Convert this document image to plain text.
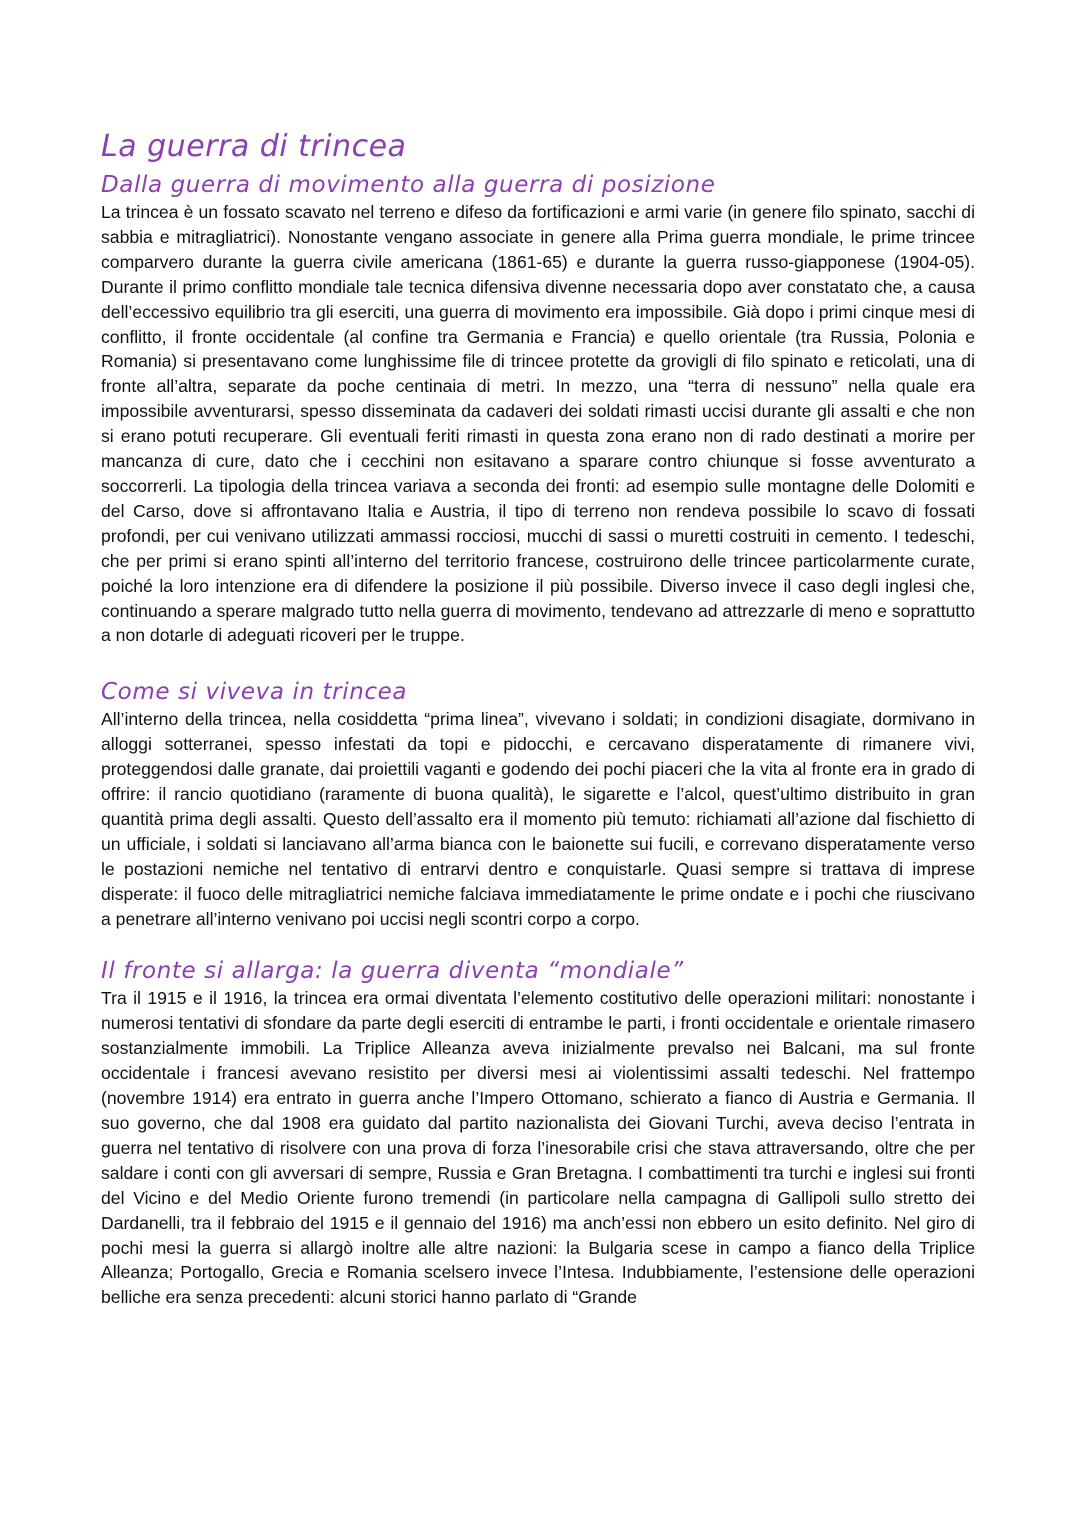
La guerra di trincea
Dalla guerra di movimento alla guerra di posizione

La trincea è un fossato scavato nel terreno e difeso da fortificazioni e armi varie (in genere filo spinato, sacchi di sabbia e mitragliatrici). Nonostante vengano associate in genere alla Prima guerra mondiale, le prime trincee comparvero durante la guerra civile americana (1861-65) e durante la guerra russo-giapponese (1904-05). Durante il primo conflitto mondiale tale tecnica difensiva divenne necessaria dopo aver constatato che, a causa dell’eccessivo equilibrio tra gli eserciti, una guerra di movimento era impossibile. Già dopo i primi cinque mesi di conflitto, il fronte occidentale (al confine tra Germania e Francia) e quello orientale (tra Russia, Polonia e Romania) si presentavano come lunghissime file di trincee protette da grovigli di filo spinato e reticolati, una di fronte all’altra, separate da poche centinaia di metri. In mezzo, una “terra di nessuno” nella quale era impossibile avventurarsi, spesso disseminata da cadaveri dei soldati rimasti uccisi durante gli assalti e che non si erano potuti recuperare. Gli eventuali feriti rimasti in questa zona erano non di rado destinati a morire per mancanza di cure, dato che i cecchini non esitavano a sparare contro chiunque si fosse avventurato a soccorrerli. La tipologia della trincea variava a seconda dei fronti: ad esempio sulle montagne delle Dolomiti e del Carso, dove si affrontavano Italia e Austria, il tipo di terreno non rendeva possibile lo scavo di fossati profondi, per cui venivano utilizzati ammassi rocciosi, mucchi di sassi o muretti costruiti in cemento. I tedeschi, che per primi si erano spinti all’interno del territorio francese, costruirono delle trincee particolarmente curate, poiché la loro intenzione era di difendere la posizione il più possibile. Diverso invece il caso degli inglesi che, continuando a sperare malgrado tutto nella guerra di movimento, tendevano ad attrezzarle di meno e soprattutto a non dotarle di adeguati ricoveri per le truppe.

Come si viveva in trincea

All’interno della trincea, nella cosiddetta “prima linea”, vivevano i soldati; in condizioni disagiate, dormivano in alloggi sotterranei, spesso infestati da topi e pidocchi, e cercavano disperatamente di rimanere vivi, proteggendosi dalle granate, dai proiettili vaganti e godendo dei pochi piaceri che la vita al fronte era in grado di offrire: il rancio quotidiano (raramente di buona qualità), le sigarette e l’alcol, quest’ultimo distribuito in gran quantità prima degli assalti. Questo dell’assalto era il momento più temuto: richiamati all’azione dal fischietto di un ufficiale, i soldati si lanciavano all’arma bianca con le baionette sui fucili, e correvano disperatamente verso le postazioni nemiche nel tentativo di entrarvi dentro e conquistarle. Quasi sempre si trattava di imprese disperate: il fuoco delle mitragliatrici nemiche falciava immediatamente le prime ondate e i pochi che riuscivano a penetrare all’interno venivano poi uccisi negli scontri corpo a corpo.

Il fronte si allarga: la guerra diventa “mondiale”

Tra il 1915 e il 1916, la trincea era ormai diventata l’elemento costitutivo delle operazioni militari: nonostante i numerosi tentativi di sfondare da parte degli eserciti di entrambe le parti, i fronti occidentale e orientale rimasero sostanzialmente immobili. La Triplice Alleanza aveva inizialmente prevalso nei Balcani, ma sul fronte occidentale i francesi avevano resistito per diversi mesi ai violentissimi assalti tedeschi. Nel frattempo (novembre 1914) era entrato in guerra anche l’Impero Ottomano, schierato a fianco di Austria e Germania. Il suo governo, che dal 1908 era guidato dal partito nazionalista dei Giovani Turchi, aveva deciso l’entrata in guerra nel tentativo di risolvere con una prova di forza l’inesorabile crisi che stava attraversando, oltre che per saldare i conti con gli avversari di sempre, Russia e Gran Bretagna. I combattimenti tra turchi e inglesi sui fronti del Vicino e del Medio Oriente furono tremendi (in particolare nella campagna di Gallipoli sullo stretto dei Dardanelli, tra il febbraio del 1915 e il gennaio del 1916) ma anch’essi non ebbero un esito definito. Nel giro di pochi mesi la guerra si allargò inoltre alle altre nazioni: la Bulgaria scese in campo a fianco della Triplice Alleanza; Portogallo, Grecia e Romania scelsero invece l’Intesa. Indubbiamente, l’estensione delle operazioni belliche era senza precedenti: alcuni storici hanno parlato di “Grande
